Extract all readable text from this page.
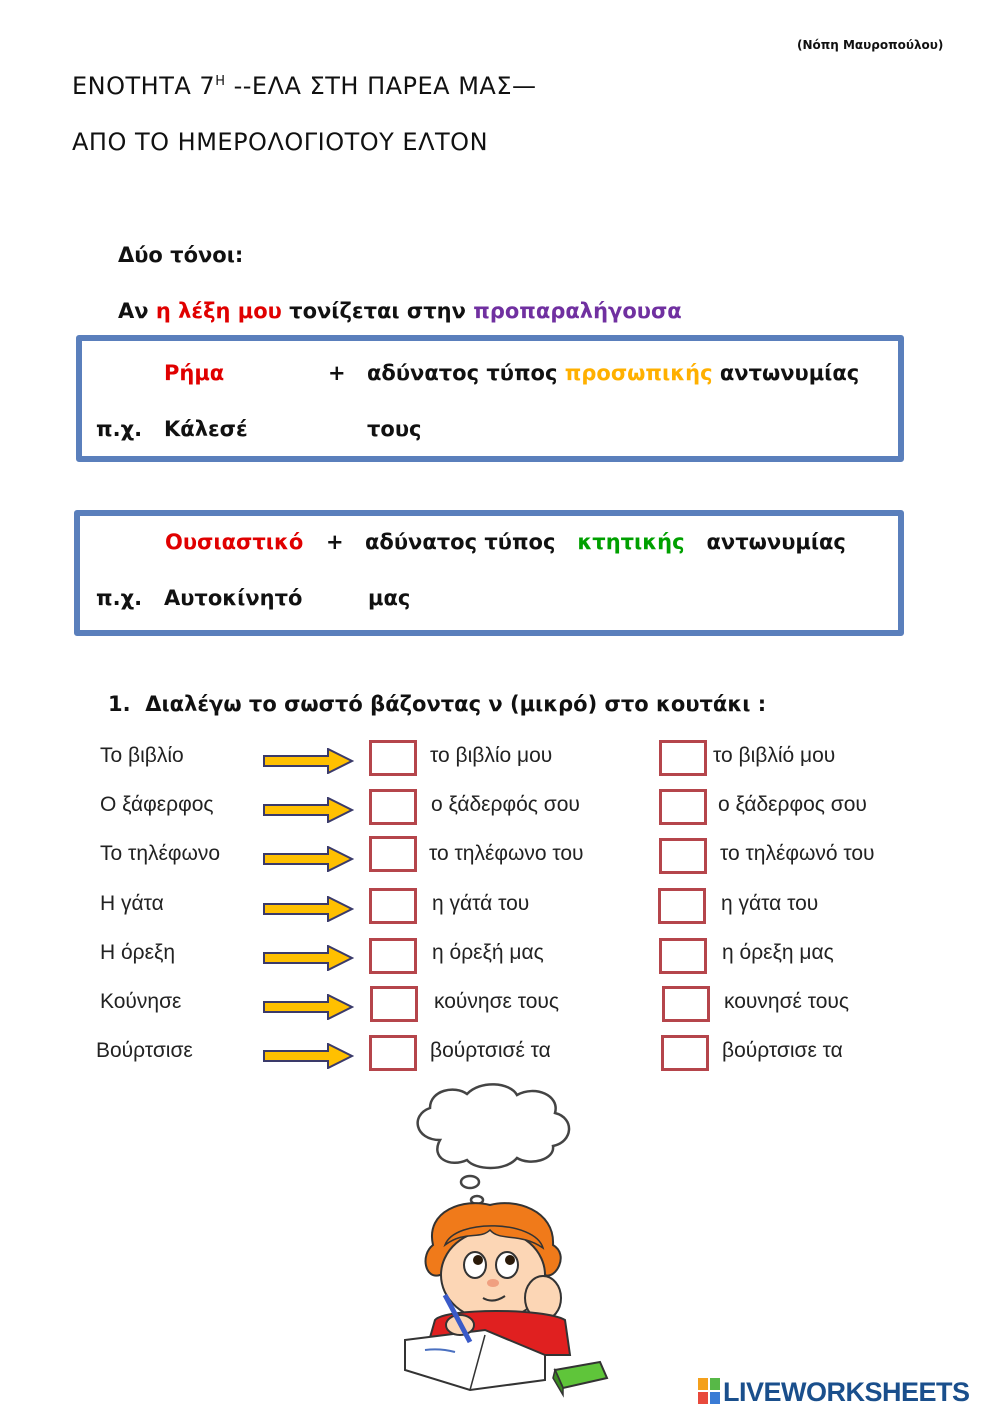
(Νόπη Μαυροπούλου)
ΕΝΟΤΗΤΑ $7^H$ --ΕΛΑ ΣΤΗ ΠΑΡΕΑ ΜΑΣ—
ΑΠΟ ΤΟ ΗΜΕΡΟΛΟΓΙΟΤΟΥ ΕΛΤΟΝ
Δύο τόνοι:
Αν η λέξη μου τονίζεται στην προπαραλήγουσα
Ρήμα	+ αδύνατος τύπος προσωπικής αντωνυμίας
π.χ. Κάλεσέ	τους
Ουσιαστικό + αδύνατος τύπος κτητικής αντωνυμίας
π.χ. Αυτοκίνητό	μας
1. Διαλέγω το σωστό βάζοντας ν (μικρό) στο κουτάκι :
Το βιβλίο	το βιβλίο μου	το βιβλίό μου
Ο ξάφερφος	ο ξάδερφός σου	ο ξάδερφος σου
Το τηλέφωνο	το τηλέφωνο του	το τηλέφωνό του
Η γάτα	η γάτά του	η γάτα του
Η όρεξη	η όρεξή μας	η όρεξη μας
Κούνησε	κούνησε τους	κουνησέ τους
Βούρτσισε	βούρτσισέ τα	βούρτσισε τα
LIVEWORKSHEETS
